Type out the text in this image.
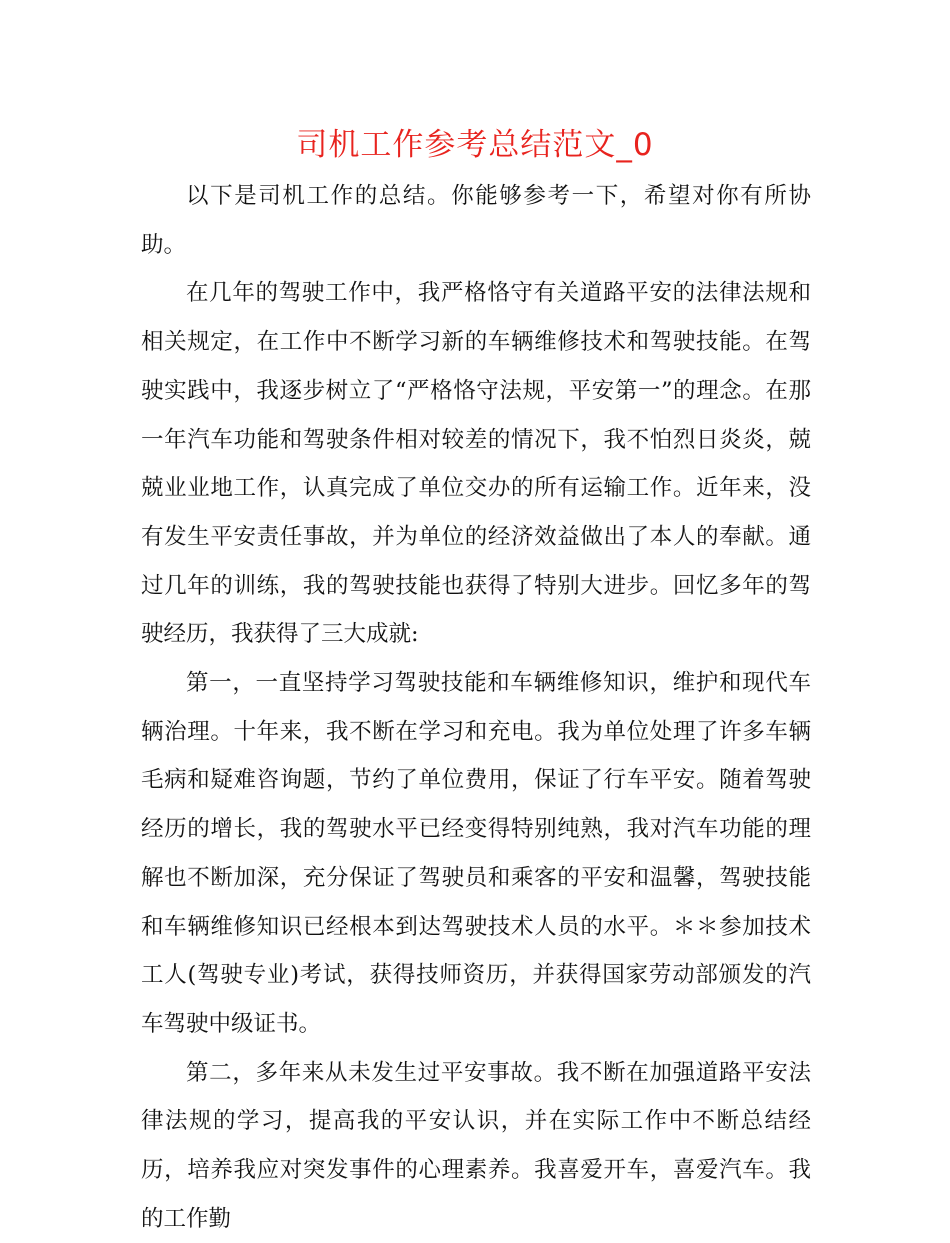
司机工作参考总结范文_0

以下是司机工作的总结。你能够参考一下，希望对你有所协助。

在几年的驾驶工作中，我严格恪守有关道路平安的法律法规和相关规定，在工作中不断学习新的车辆维修技术和驾驶技能。在驾驶实践中，我逐步树立了“严格恪守法规，平安第一”的理念。在那一年汽车功能和驾驶条件相对较差的情况下，我不怕烈日炎炎，兢兢业业地工作，认真完成了单位交办的所有运输工作。近年来，没有发生平安责任事故，并为单位的经济效益做出了本人的奉献。通过几年的训练，我的驾驶技能也获得了特别大进步。回忆多年的驾驶经历，我获得了三大成就:

第一，一直坚持学习驾驶技能和车辆维修知识，维护和现代车辆治理。十年来，我不断在学习和充电。我为单位处理了许多车辆毛病和疑难咨询题，节约了单位费用，保证了行车平安。随着驾驶经历的增长，我的驾驶水平已经变得特别纯熟，我对汽车功能的理解也不断加深，充分保证了驾驶员和乘客的平安和温馨，驾驶技能和车辆维修知识已经根本到达驾驶技术人员的水平。＊＊参加技术工人(驾驶专业)考试，获得技师资历，并获得国家劳动部颁发的汽车驾驶中级证书。

第二，多年来从未发生过平安事故。我不断在加强道路平安法律法规的学习，提高我的平安认识，并在实际工作中不断总结经历，培养我应对突发事件的心理素养。我喜爱开车，喜爱汽车。我的工作勤
